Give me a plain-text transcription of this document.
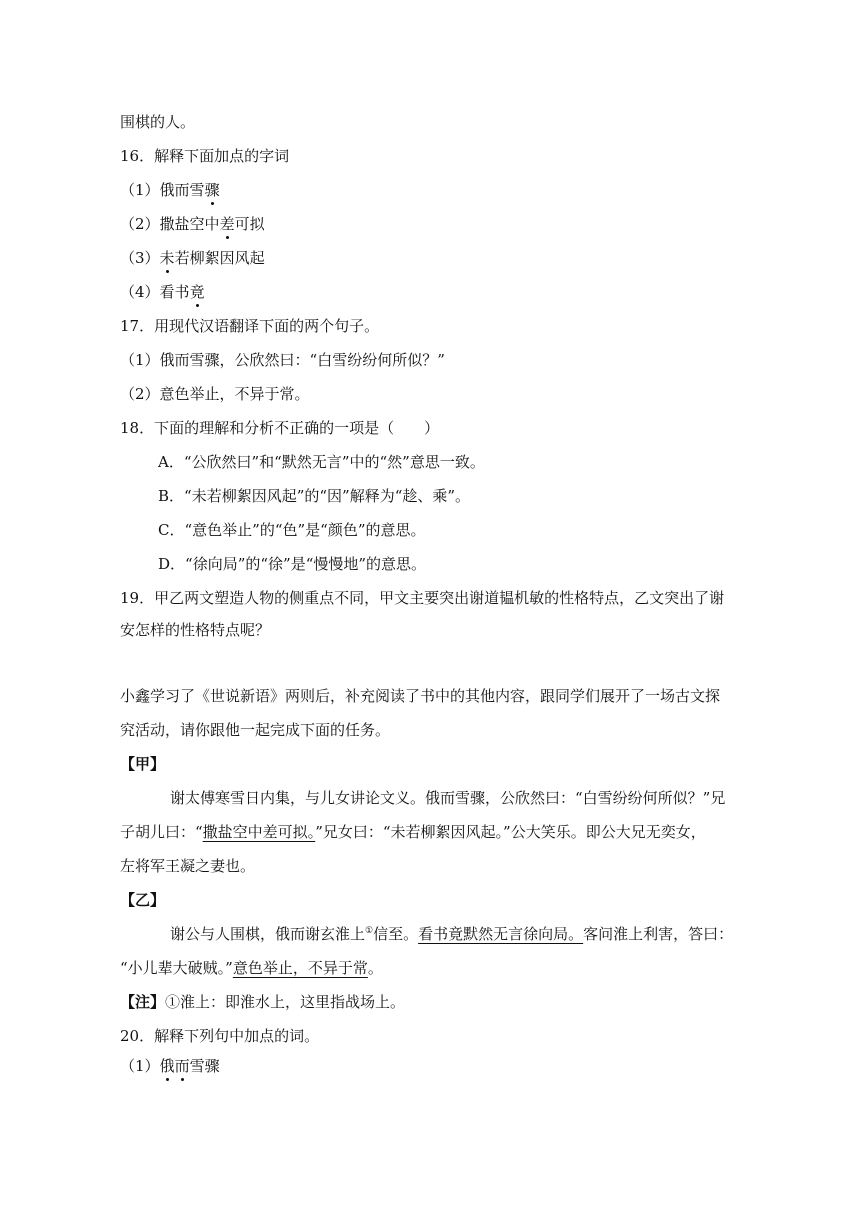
围棋的人。
16．解释下面加点的字词
（1）俄而雪骤
（2）撒盐空中差可拟
（3）未若柳絮因风起
（4）看书竟
17．用现代汉语翻译下面的两个句子。
（1）俄而雪骤，公欣然曰：“白雪纷纷何所似？”
（2）意色举止，不异于常。
18．下面的理解和分析不正确的一项是（　　）
A．“公欣然曰”和“默然无言”中的“然”意思一致。
B．“未若柳絮因风起”的“因”解释为“趁、乘”。
C．“意色举止”的“色”是“颜色”的意思。
D．“徐向局”的“徐”是“慢慢地”的意思。
19．甲乙两文塑造人物的侧重点不同，甲文主要突出谢道韫机敏的性格特点，乙文突出了谢
安怎样的性格特点呢？
小鑫学习了《世说新语》两则后，补充阅读了书中的其他内容，跟同学们展开了一场古文探
究活动，请你跟他一起完成下面的任务。
【甲】
谢太傅寒雪日内集，与儿女讲论文义。俄而雪骤，公欣然曰：“白雪纷纷何所似？”兄
子胡儿曰：“撒盐空中差可拟。”兄女曰：“未若柳絮因风起。”公大笑乐。即公大兄无奕女，
左将军王凝之妻也。
【乙】
谢公与人围棋，俄而谢玄淮上①信至。看书竟默然无言徐向局。客问淮上利害，答曰：
“小儿辈大破贼。”意色举止，不异于常。
【注】①淮上：即淮水上，这里指战场上。
20．解释下列句中加点的词。
（1）俄而雪骤
